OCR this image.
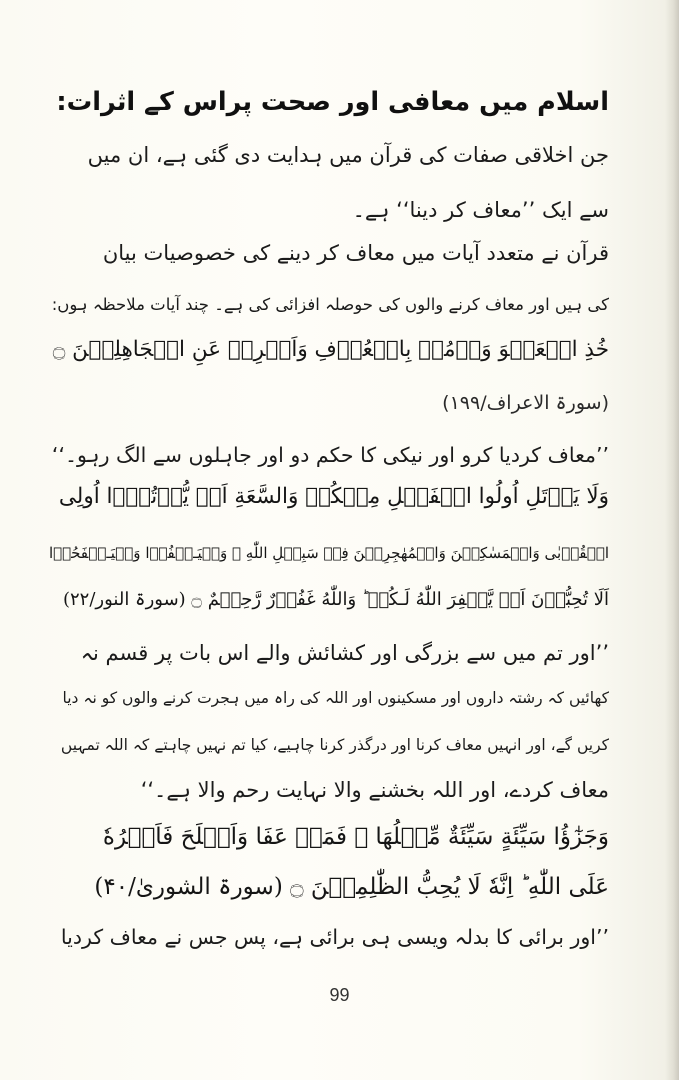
اسلام میں معافی اور صحت پراس کے اثرات:
جن اخلاقی صفات کی قرآن میں ہدایت دی گئی ہے، ان میں
سے ایک ’’معاف کر دینا‘‘ ہے۔
قرآن نے متعدد آیات میں معاف کر دینے کی خصوصیات بیان
کی ہیں اور معاف کرنے والوں کی حوصلہ افزائی کی ہے۔ چند آیات ملاحظہ ہوں:
خُذِ الۡعَفۡوَ وَاۡمُرۡ بِالۡعُرۡفِ وَاَعۡرِضۡ عَنِ الۡجَاهِلِيۡنَ ۝
(سورۃ الاعراف/۱۹۹)
’’معاف کردیا کرو اور نیکی کا حکم دو اور جاہلوں سے الگ رہو۔‘‘
وَلَا يَاۡتَلِ اُولُوا الۡفَضۡلِ مِنۡكُمۡ وَالسَّعَةِ اَنۡ يُّؤۡتُوۡۤا اُولِى
الۡقُرۡبٰى وَالۡمَسٰكِيۡنَ وَالۡمُهٰجِرِيۡنَ فِىۡ سَبِيۡلِ اللّٰهِ ۖ وَلۡيَـعۡفُوۡا وَلۡيَـصۡفَحُوۡا
اَلَا تُحِبُّوۡنَ اَنۡ يَّغۡفِرَ اللّٰهُ لَـكُمۡ ؕ وَاللّٰهُ غَفُوۡرٌ رَّحِيۡمٌ ۝ (سورۃ النور/۲۲)
’’اور تم میں سے بزرگی اور کشائش والے اس بات پر قسم نہ
کھائیں کہ رشتہ داروں اور مسکینوں اور اللہ کی راہ میں ہجرت کرنے والوں کو نہ دیا
کریں گے، اور انہیں معاف کرنا اور درگذر کرنا چاہیے، کیا تم نہیں چاہتے کہ اللہ تمہیں
معاف کردے، اور اللہ بخشنے والا نہایت رحم والا ہے۔‘‘
وَجَزٰٓؤُا سَيِّئَةٍ سَيِّئَةٌ مِّثۡلُهَا ۚ فَمَنۡ عَفَا وَاَصۡلَحَ فَاَجۡرُهٗ
عَلَى اللّٰهِ ؕ اِنَّهٗ لَا يُحِبُّ الظّٰلِمِيۡنَ ۝ (سورۃ الشوریٰ/۴۰)
’’اور برائی کا بدلہ ویسی ہی برائی ہے، پس جس نے معاف کردیا
99
